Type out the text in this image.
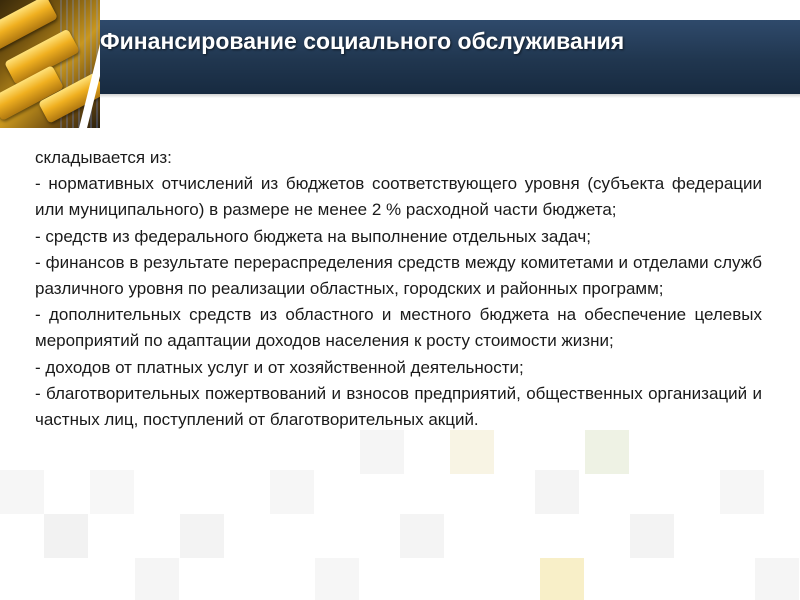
Финансирование социального обслуживания

складывается из:

- нормативных отчислений из бюджетов соответствующего уровня (субъекта федерации или муниципального) в размере не менее 2 % расходной части бюджета;

- средств из федерального бюджета на выполнение отдельных задач;

- финансов в результате перераспределения средств между комитетами и отделами служб различного уровня по реализации областных, городских и районных программ;

- дополнительных средств из областного и местного бюджета на обеспечение целевых мероприятий по адаптации доходов населения к росту стоимости жизни;

- доходов от платных услуг и от хозяйственной деятельности;

- благотворительных пожертвований и взносов предприятий, общественных организаций и частных лиц, поступлений от благотворительных акций.
